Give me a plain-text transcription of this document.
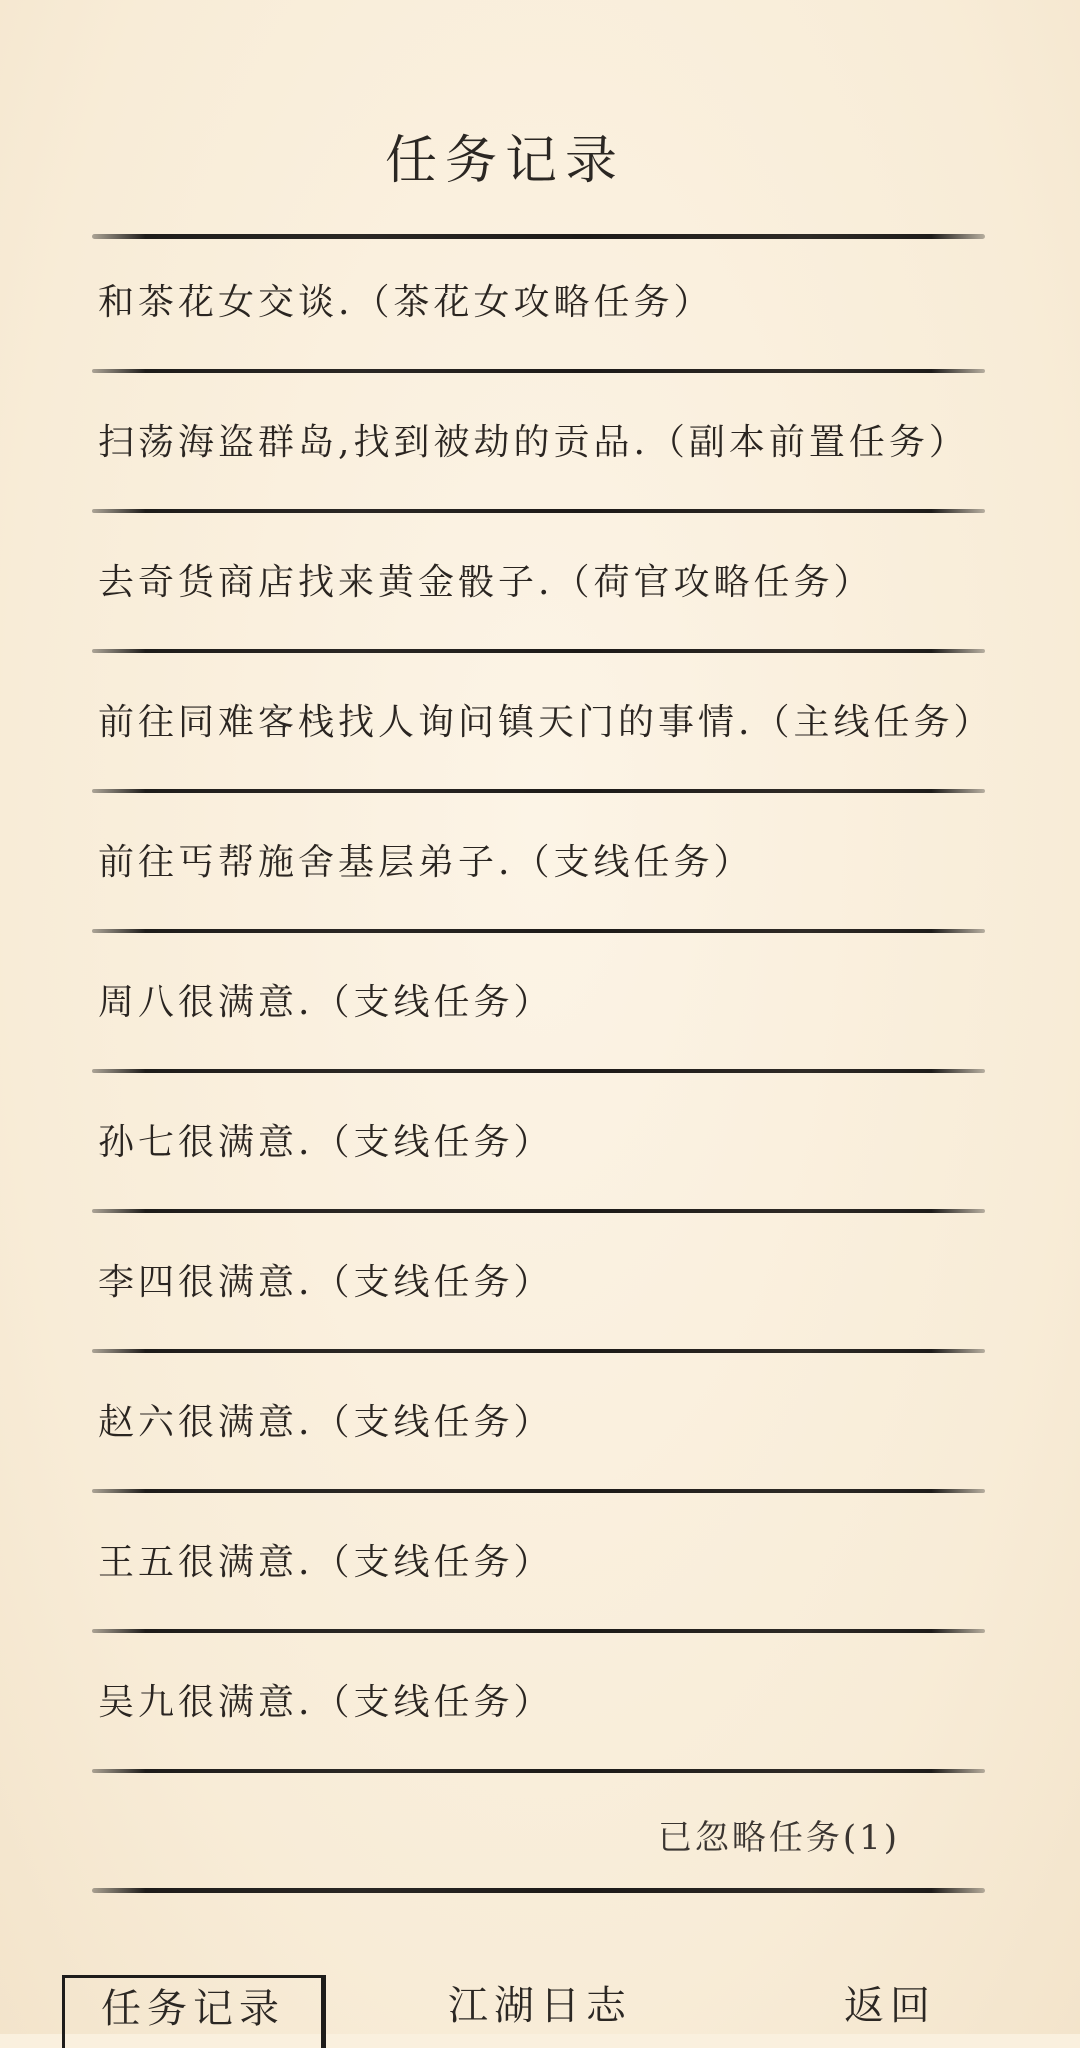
任务记录
和茶花女交谈.（茶花女攻略任务）
扫荡海盗群岛,找到被劫的贡品.（副本前置任务）
去奇货商店找来黄金骰子.（荷官攻略任务）
前往同难客栈找人询问镇天门的事情.（主线任务）
前往丐帮施舍基层弟子.（支线任务）
周八很满意.（支线任务）
孙七很满意.（支线任务）
李四很满意.（支线任务）
赵六很满意.（支线任务）
王五很满意.（支线任务）
吴九很满意.（支线任务）
已忽略任务(1)
任务记录	江湖日志	返回
